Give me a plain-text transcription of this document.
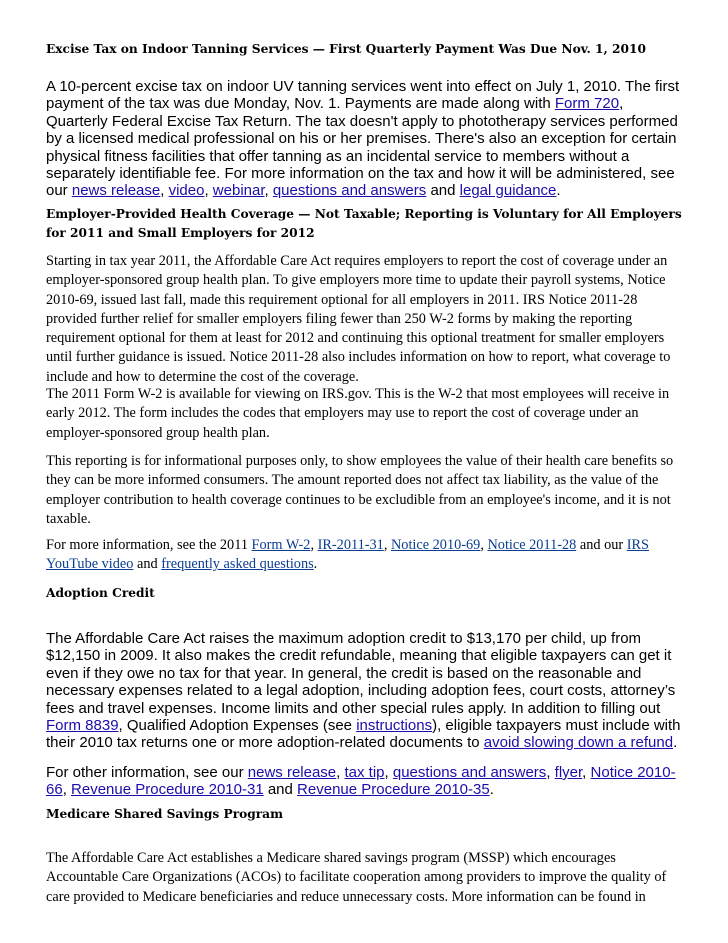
Excise Tax on Indoor Tanning Services — First Quarterly Payment Was Due Nov. 1, 2010

A 10-percent excise tax on indoor UV tanning services went into effect on July 1, 2010. The first payment of the tax was due Monday, Nov. 1. Payments are made along with Form 720, Quarterly Federal Excise Tax Return. The tax doesn't apply to phototherapy services performed by a licensed medical professional on his or her premises. There's also an exception for certain physical fitness facilities that offer tanning as an incidental service to members without a separately identifiable fee. For more information on the tax and how it will be administered, see our news release, video, webinar, questions and answers and legal guidance.

Employer-Provided Health Coverage — Not Taxable; Reporting is Voluntary for All Employers for 2011 and Small Employers for 2012

Starting in tax year 2011, the Affordable Care Act requires employers to report the cost of coverage under an employer-sponsored group health plan. To give employers more time to update their payroll systems, Notice 2010-69, issued last fall, made this requirement optional for all employers in 2011. IRS Notice 2011-28 provided further relief for smaller employers filing fewer than 250 W-2 forms by making the reporting requirement optional for them at least for 2012 and continuing this optional treatment for smaller employers until further guidance is issued. Notice 2011-28 also includes information on how to report, what coverage to include and how to determine the cost of the coverage.

The 2011 Form W-2 is available for viewing on IRS.gov. This is the W-2 that most employees will receive in early 2012. The form includes the codes that employers may use to report the cost of coverage under an employer-sponsored group health plan.

This reporting is for informational purposes only, to show employees the value of their health care benefits so they can be more informed consumers. The amount reported does not affect tax liability, as the value of the employer contribution to health coverage continues to be excludible from an employee's income, and it is not taxable.

For more information, see the 2011 Form W-2, IR-2011-31, Notice 2010-69, Notice 2011-28 and our IRS YouTube video and frequently asked questions.

Adoption Credit

The Affordable Care Act raises the maximum adoption credit to $13,170 per child, up from $12,150 in 2009. It also makes the credit refundable, meaning that eligible taxpayers can get it even if they owe no tax for that year. In general, the credit is based on the reasonable and necessary expenses related to a legal adoption, including adoption fees, court costs, attorney’s fees and travel expenses. Income limits and other special rules apply. In addition to filling out Form 8839, Qualified Adoption Expenses (see instructions), eligible taxpayers must include with their 2010 tax returns one or more adoption-related documents to avoid slowing down a refund.

For other information, see our news release, tax tip, questions and answers, flyer, Notice 2010-66, Revenue Procedure 2010-31 and Revenue Procedure 2010-35.

Medicare Shared Savings Program

The Affordable Care Act establishes a Medicare shared savings program (MSSP) which encourages Accountable Care Organizations (ACOs) to facilitate cooperation among providers to improve the quality of care provided to Medicare beneficiaries and reduce unnecessary costs. More information can be found in
